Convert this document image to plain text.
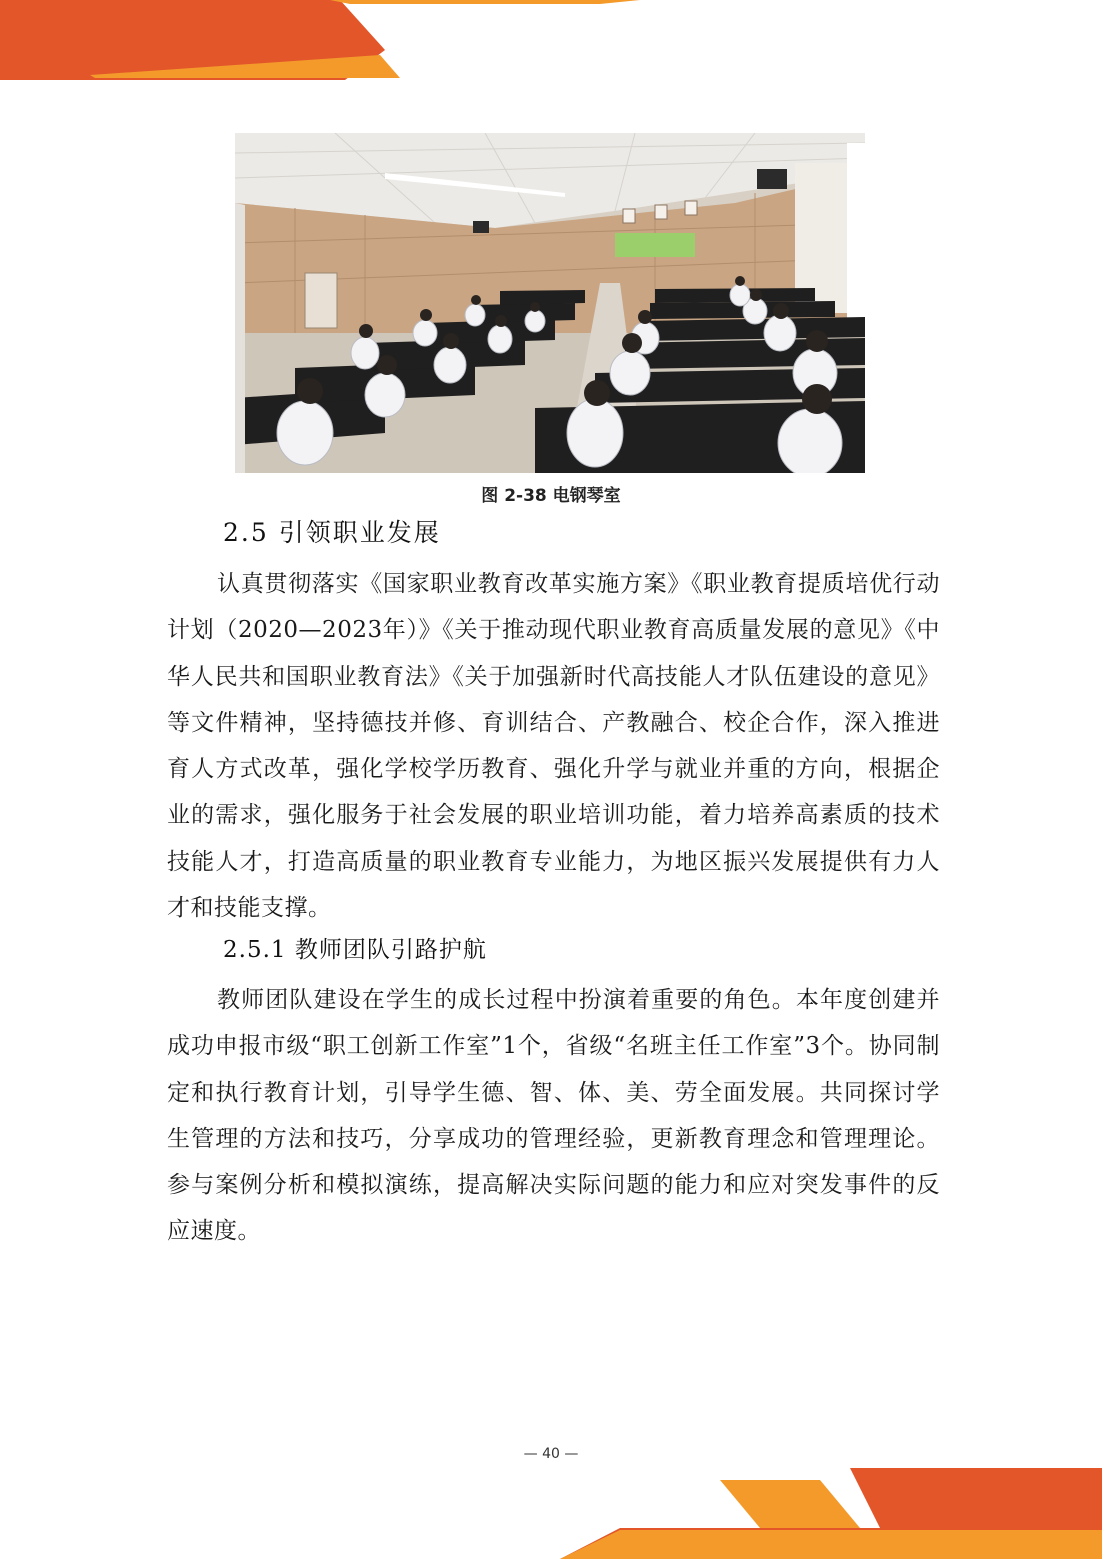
图 2-38 电钢琴室
2.5 引领职业发展
认真贯彻落实《国家职业教育改革实施方案》《职业教育提质培优行动计划（2020—2023年）》《关于推动现代职业教育高质量发展的意见》《中华人民共和国职业教育法》《关于加强新时代高技能人才队伍建设的意见》等文件精神，坚持德技并修、育训结合、产教融合、校企合作，深入推进育人方式改革，强化学校学历教育、强化升学与就业并重的方向，根据企业的需求，强化服务于社会发展的职业培训功能，着力培养高素质的技术技能人才，打造高质量的职业教育专业能力，为地区振兴发展提供有力人才和技能支撑。
2.5.1 教师团队引路护航
教师团队建设在学生的成长过程中扮演着重要的角色。本年度创建并成功申报市级“职工创新工作室”1个，省级“名班主任工作室”3个。协同制定和执行教育计划，引导学生德、智、体、美、劳全面发展。共同探讨学生管理的方法和技巧，分享成功的管理经验，更新教育理念和管理理论。参与案例分析和模拟演练，提高解决实际问题的能力和应对突发事件的反应速度。
— 40 —
